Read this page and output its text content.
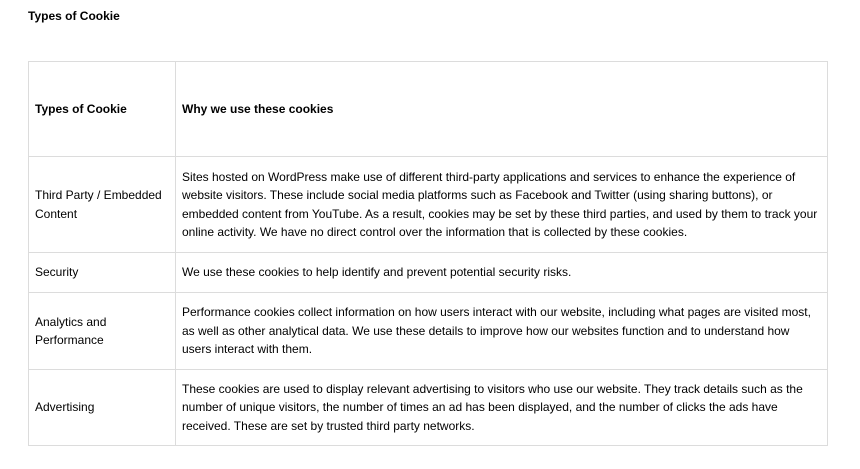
Types of Cookie
Types of Cookie	Why we use these cookies
Third Party / Embedded Content	Sites hosted on WordPress make use of different third-party applications and services to enhance the experience of website visitors. These include social media platforms such as Facebook and Twitter (using sharing buttons), or embedded content from YouTube. As a result, cookies may be set by these third parties, and used by them to track your online activity. We have no direct control over the information that is collected by these cookies.
Security	We use these cookies to help identify and prevent potential security risks.
Analytics and Performance	Performance cookies collect information on how users interact with our website, including what pages are visited most, as well as other analytical data. We use these details to improve how our websites function and to understand how users interact with them.
Advertising	These cookies are used to display relevant advertising to visitors who use our website. They track details such as the number of unique visitors, the number of times an ad has been displayed, and the number of clicks the ads have received. These are set by trusted third party networks.
